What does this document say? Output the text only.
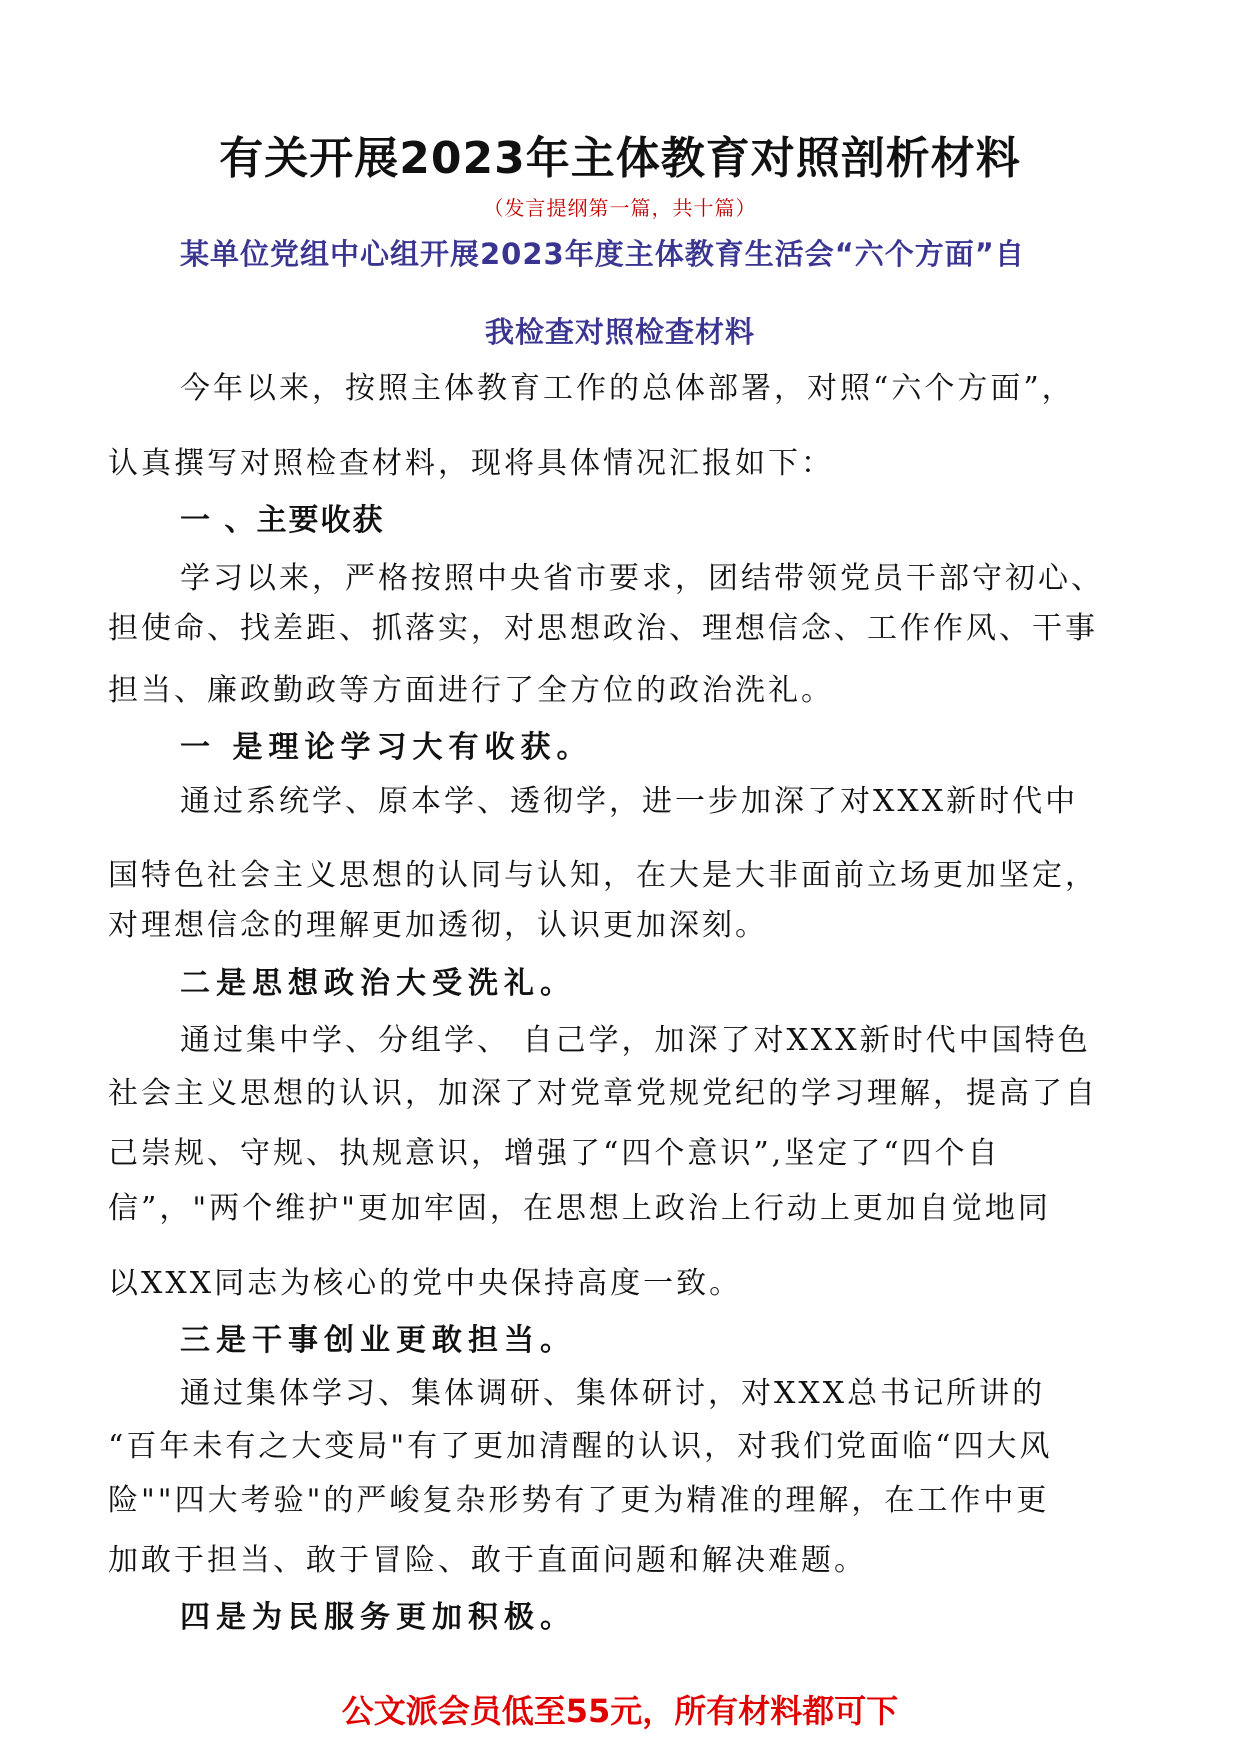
有关开展2023年主体教育对照剖析材料
（发言提纲第一篇，共十篇）
某单位党组中心组开展2023年度主体教育生活会“六个方面”自
我检查对照检查材料
今年以来，按照主体教育工作的总体部署，对照“六个方面”，
认真撰写对照检查材料，现将具体情况汇报如下：
一 、主要收获
学习以来，严格按照中央省市要求，团结带领党员干部守初心、
担使命、找差距、抓落实，对思想政治、理想信念、工作作风、干事
担当、廉政勤政等方面进行了全方位的政治洗礼。
一 是理论学习大有收获。
通过系统学、原本学、透彻学，进一步加深了对XXX新时代中
国特色社会主义思想的认同与认知，在大是大非面前立场更加坚定，
对理想信念的理解更加透彻，认识更加深刻。
二是思想政治大受洗礼。
通过集中学、分组学、 自己学，加深了对XXX新时代中国特色
社会主义思想的认识，加深了对党章党规党纪的学习理解，提高了自
己崇规、守规、执规意识，增强了“四个意识”,坚定了“四个自
信”，"两个维护"更加牢固，在思想上政治上行动上更加自觉地同
以XXX同志为核心的党中央保持高度一致。
三是干事创业更敢担当。
通过集体学习、集体调研、集体研讨，对XXX总书记所讲的
“百年未有之大变局"有了更加清醒的认识，对我们党面临“四大风
险""四大考验"的严峻复杂形势有了更为精准的理解，在工作中更
加敢于担当、敢于冒险、敢于直面问题和解决难题。
四是为民服务更加积极。
公文派会员低至55元，所有材料都可下
